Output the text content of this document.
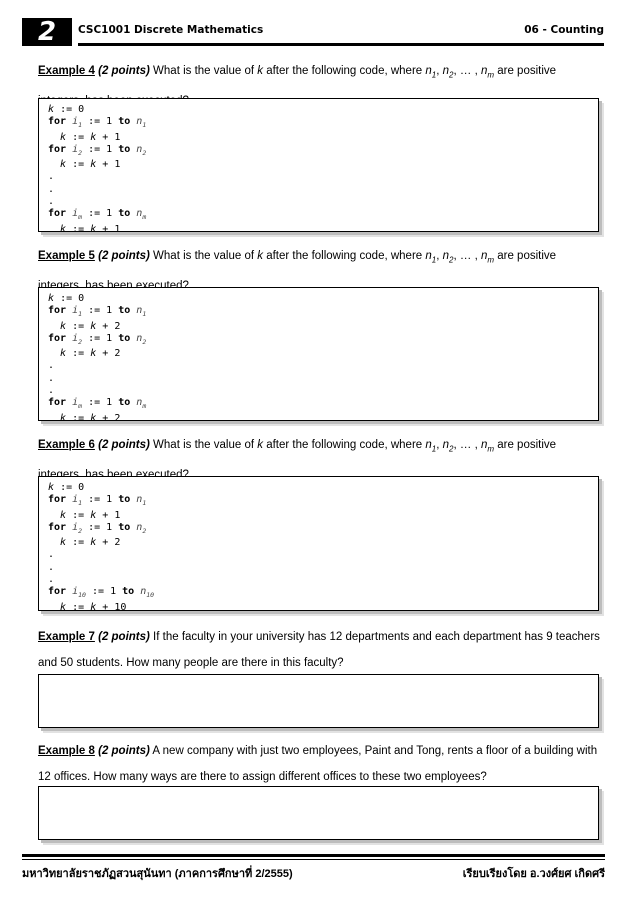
2	CSC1001 Discrete Mathematics	06 - Counting
Example 4 (2 points) What is the value of k after the following code, where $n_1$, $n_2$, … , $n_m$ are positive
k := 0
for $i_1$ := 1 to $n_1$
k := k + 1
for $i_2$ := 1 to $n_2$
k := k + 1
.
.
.
for $i_m$ := 1 to $n_m$
k := k + 1
Example 5 (2 points) What is the value of k after the following code, where $n_1$, $n_2$, … , $n_m$ are positive
k := 0
for $i_1$ := 1 to $n_1$
k := k + 2
for $i_2$ := 1 to $n_2$
k := k + 2
.
.
.
for $i_m$ := 1 to $n_m$
k := k + 2
Example 6 (2 points) What is the value of k after the following code, where $n_1$, $n_2$, … , $n_m$ are positive
k := 0
for $i_1$ := 1 to $n_1$
k := k + 1
for $i_2$ := 1 to $n_2$
k := k + 2
.
.
.
for $i_{10}$ := 1 to $n_{10}$
k := k + 10
Example 7 (2 points) If the faculty in your university has 12 departments and each department has 9 teachers and 50 students. How many people are there in this faculty?
Example 8 (2 points) A new company with just two employees, Paint and Tong, rents a floor of a building with 12 offices. How many ways are there to assign different offices to these two employees?
มหาวิทยาลัยราชภัฏสวนสุนันทา (ภาคการศึกษาที่ 2/2555)	เรียบเรียงโดย อ.วงศ์ยศ เกิดศรี
